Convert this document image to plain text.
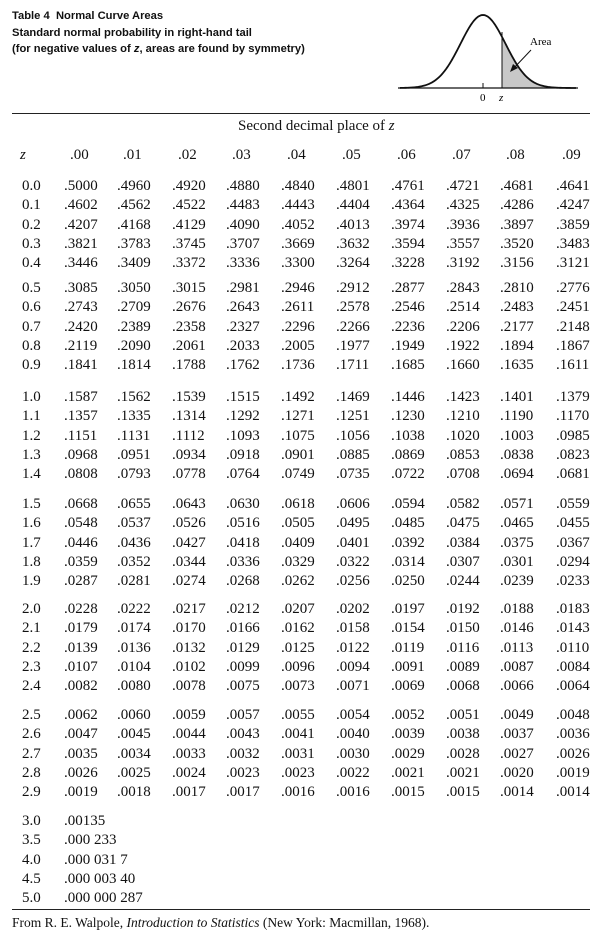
Table 4 Normal Curve Areas
Standard normal probability in right-hand tail
(for negative values of z, areas are found by symmetry)
Area
0 z
Second decimal place of z
z	.00 .01 .02 .03 .04 .05 .06 .07 .08 .09
0.0 .5000 .4960 .4920 .4880 .4840 .4801 .4761 .4721 .4681 .4641
0.1 .4602 .4562 .4522 .4483 .4443 .4404 .4364 .4325 .4286 .4247
0.2 .4207 .4168 .4129 .4090 .4052 .4013 .3974 .3936 .3897 .3859
0.3 .3821 .3783 .3745 .3707 .3669 .3632 .3594 .3557 .3520 .3483
0.4 .3446 .3409 .3372 .3336 .3300 .3264 .3228 .3192 .3156 .3121
0.5 .3085 .3050 .3015 .2981 .2946 .2912 .2877 .2843 .2810 .2776
0.6 .2743 .2709 .2676 .2643 .2611 .2578 .2546 .2514 .2483 .2451
0.7 .2420 .2389 .2358 .2327 .2296 .2266 .2236 .2206 .2177 .2148
0.8 .2119 .2090 .2061 .2033 .2005 .1977 .1949 .1922 .1894 .1867
0.9 .1841 .1814 .1788 .1762 .1736 .1711 .1685 .1660 .1635 .1611
1.0 .1587 .1562 .1539 .1515 .1492 .1469 .1446 .1423 .1401 .1379
1.1 .1357 .1335 .1314 .1292 .1271 .1251 .1230 .1210 .1190 .1170
1.2 .1151 .1131 .1112 .1093 .1075 .1056 .1038 .1020 .1003 .0985
1.3 .0968 .0951 .0934 .0918 .0901 .0885 .0869 .0853 .0838 .0823
1.4 .0808 .0793 .0778 .0764 .0749 .0735 .0722 .0708 .0694 .0681
1.5 .0668 .0655 .0643 .0630 .0618 .0606 .0594 .0582 .0571 .0559
1.6 .0548 .0537 .0526 .0516 .0505 .0495 .0485 .0475 .0465 .0455
1.7 .0446 .0436 .0427 .0418 .0409 .0401 .0392 .0384 .0375 .0367
1.8 .0359 .0352 .0344 .0336 .0329 .0322 .0314 .0307 .0301 .0294
1.9 .0287 .0281 .0274 .0268 .0262 .0256 .0250 .0244 .0239 .0233
2.0 .0228 .0222 .0217 .0212 .0207 .0202 .0197 .0192 .0188 .0183
2.1 .0179 .0174 .0170 .0166 .0162 .0158 .0154 .0150 .0146 .0143
2.2 .0139 .0136 .0132 .0129 .0125 .0122 .0119 .0116 .0113 .0110
2.3 .0107 .0104 .0102 .0099 .0096 .0094 .0091 .0089 .0087 .0084
2.4 .0082 .0080 .0078 .0075 .0073 .0071 .0069 .0068 .0066 .0064
2.5 .0062 .0060 .0059 .0057 .0055 .0054 .0052 .0051 .0049 .0048
2.6 .0047 .0045 .0044 .0043 .0041 .0040 .0039 .0038 .0037 .0036
2.7 .0035 .0034 .0033 .0032 .0031 .0030 .0029 .0028 .0027 .0026
2.8 .0026 .0025 .0024 .0023 .0023 .0022 .0021 .0021 .0020 .0019
2.9 .0019 .0018 .0017 .0017 .0016 .0016 .0015 .0015 .0014 .0014
3.0 .00135
3.5 .000 233
4.0 .000 031 7
4.5 .000 003 40
5.0 .000 000 287
From R. E. Walpole, Introduction to Statistics (New York: Macmillan, 1968).
